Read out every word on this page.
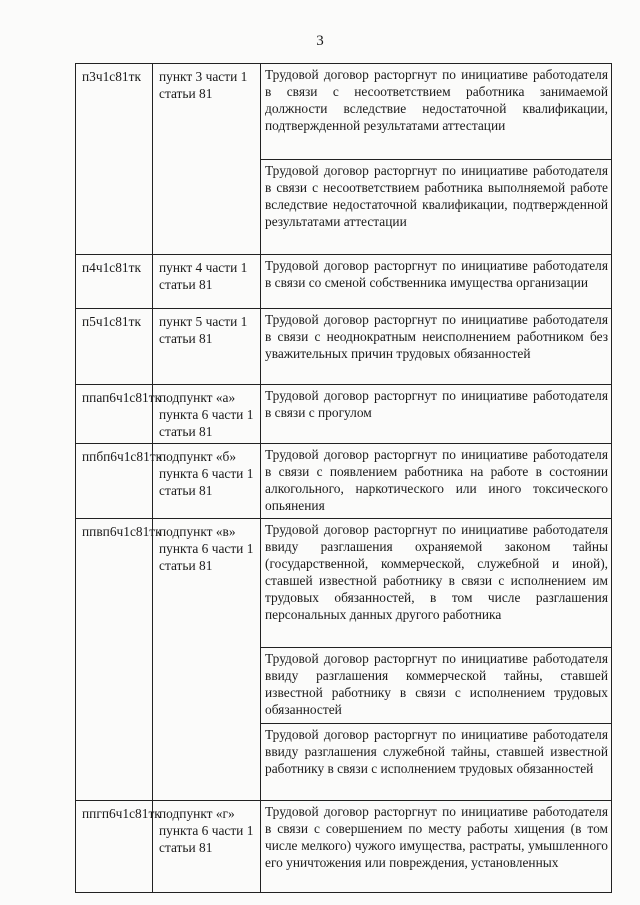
3
п3ч1с81тк	пункт 3 части 1 статьи 81	Трудовой договор расторгнут по инициативе работодателя в связи с несоответствием работника занимаемой должности вследствие недостаточной квалификации, подтвержденной результатами аттестации
		Трудовой договор расторгнут по инициативе работодателя в связи с несоответствием работника выполняемой работе вследствие недостаточной квалификации, подтвержденной результатами аттестации
п4ч1с81тк	пункт 4 части 1 статьи 81	Трудовой договор расторгнут по инициативе работодателя в связи со сменой собственника имущества организации
п5ч1с81тк	пункт 5 части 1 статьи 81	Трудовой договор расторгнут по инициативе работодателя в связи с неоднократным неисполнением работником без уважительных причин трудовых обязанностей
ппап6ч1с81тк	подпункт «а» пункта 6 части 1 статьи 81	Трудовой договор расторгнут по инициативе работодателя в связи с прогулом
ппбп6ч1с81тк	подпункт «б» пункта 6 части 1 статьи 81	Трудовой договор расторгнут по инициативе работодателя в связи с появлением работника на работе в состоянии алкогольного, наркотического или иного токсического опьянения
ппвп6ч1с81тк	подпункт «в» пункта 6 части 1 статьи 81	Трудовой договор расторгнут по инициативе работодателя ввиду разглашения охраняемой законом тайны (государственной, коммерческой, служебной и иной), ставшей известной работнику в связи с исполнением им трудовых обязанностей, в том числе разглашения персональных данных другого работника
		Трудовой договор расторгнут по инициативе работодателя ввиду разглашения коммерческой тайны, ставшей известной работнику в связи с исполнением трудовых обязанностей
		Трудовой договор расторгнут по инициативе работодателя ввиду разглашения служебной тайны, ставшей известной работнику в связи с исполнением трудовых обязанностей
ппгп6ч1с81тк	подпункт «г» пункта 6 части 1 статьи 81	Трудовой договор расторгнут по инициативе работодателя в связи с совершением по месту работы хищения (в том числе мелкого) чужого имущества, растраты, умышленного его уничтожения или повреждения, установленных
